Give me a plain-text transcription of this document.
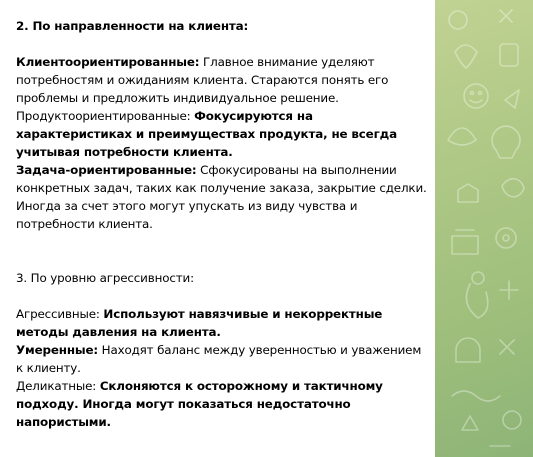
2. По направленности на клиента:
Клиентоориентированные: Главное внимание уделяют
потребностям и ожиданиям клиента. Стараются понять его
проблемы и предложить индивидуальное решение.
Продуктоориентированные: Фокусируются на
характеристиках и преимуществах продукта, не всегда
учитывая потребности клиента.
Задача-ориентированные: Сфокусированы на выполнении
конкретных задач, таких как получение заказа, закрытие сделки.
Иногда за счет этого могут упускать из виду чувства и
потребности клиента.
3. По уровню агрессивности:
Агрессивные: Используют навязчивые и некорректные
методы давления на клиента.
Умеренные: Находят баланс между уверенностью и уважением
к клиенту.
Деликатные: Склоняются к осторожному и тактичному
подходу. Иногда могут показаться недостаточно
напористыми.
